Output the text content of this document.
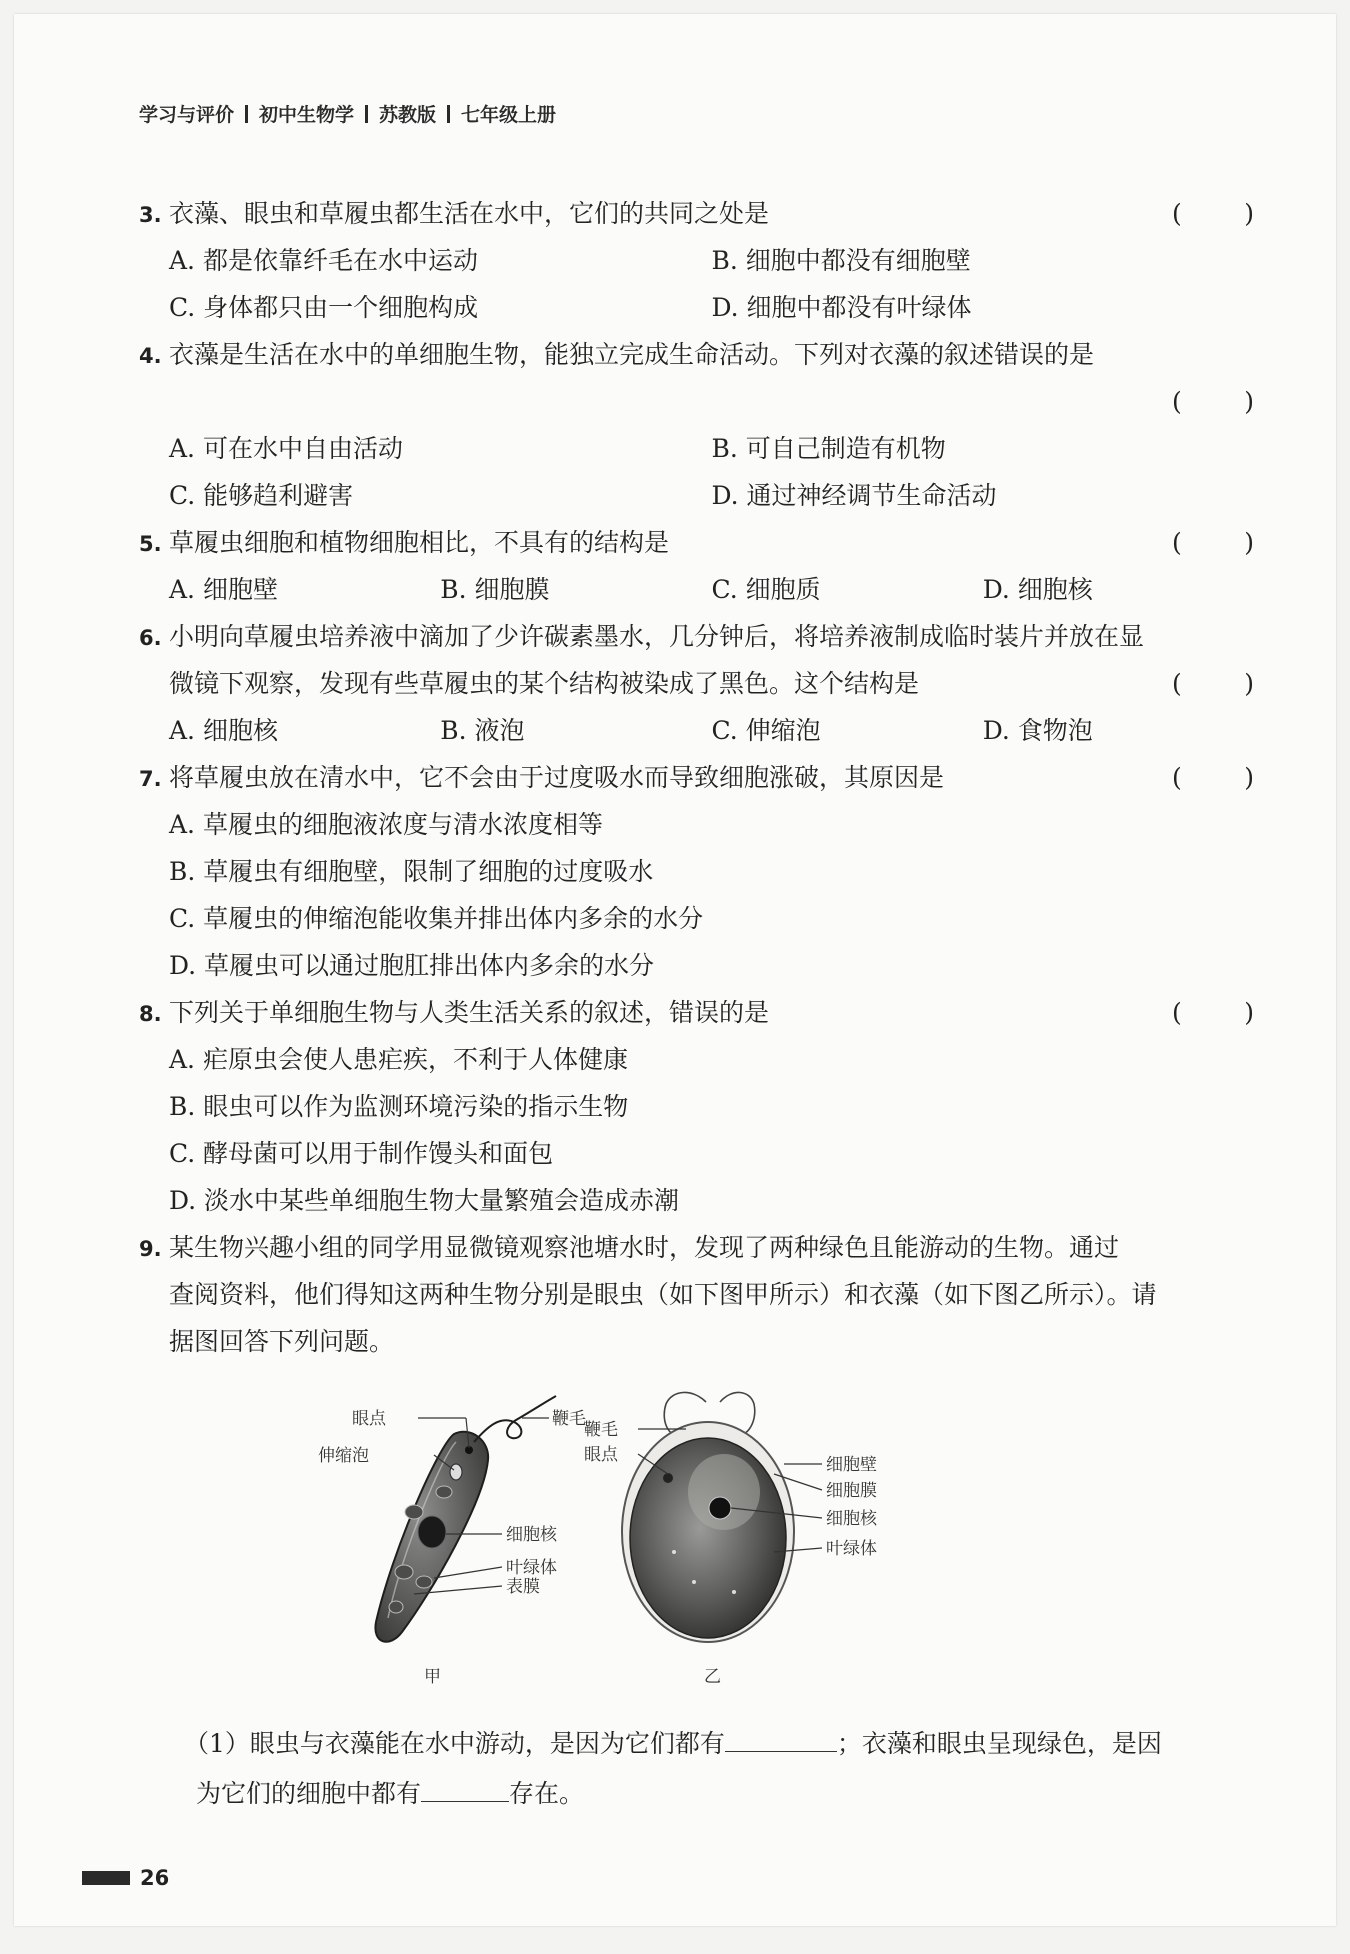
学习与评价 初中生物学 苏教版 七年级上册
3. 衣藻、眼虫和草履虫都生活在水中，它们的共同之处是	( )
A. 都是依靠纤毛在水中运动	B. 细胞中都没有细胞壁
C. 身体都只由一个细胞构成	D. 细胞中都没有叶绿体
4. 衣藻是生活在水中的单细胞生物，能独立完成生命活动。下列对衣藻的叙述错误的是
( )
A. 可在水中自由活动	B. 可自己制造有机物
C. 能够趋利避害	D. 通过神经调节生命活动
5. 草履虫细胞和植物细胞相比，不具有的结构是	( )
A. 细胞壁	B. 细胞膜	C. 细胞质	D. 细胞核
6. 小明向草履虫培养液中滴加了少许碳素墨水，几分钟后，将培养液制成临时装片并放在显
微镜下观察，发现有些草履虫的某个结构被染成了黑色。这个结构是	( )
A. 细胞核	B. 液泡	C. 伸缩泡	D. 食物泡
7. 将草履虫放在清水中，它不会由于过度吸水而导致细胞涨破，其原因是	( )
A. 草履虫的细胞液浓度与清水浓度相等
B. 草履虫有细胞壁，限制了细胞的过度吸水
C. 草履虫的伸缩泡能收集并排出体内多余的水分
D. 草履虫可以通过胞肛排出体内多余的水分
8. 下列关于单细胞生物与人类生活关系的叙述，错误的是	( )
A. 疟原虫会使人患疟疾，不利于人体健康
B. 眼虫可以作为监测环境污染的指示生物
C. 酵母菌可以用于制作馒头和面包
D. 淡水中某些单细胞生物大量繁殖会造成赤潮
9. 某生物兴趣小组的同学用显微镜观察池塘水时，发现了两种绿色且能游动的生物。通过
查阅资料，他们得知这两种生物分别是眼虫（如下图甲所示）和衣藻（如下图乙所示）。请
据图回答下列问题。
眼点	鞭毛
伸缩泡
细胞核
叶绿体
表膜
甲
鞭毛
眼点	细胞壁
细胞膜
细胞核
叶绿体
乙
（1）眼虫与衣藻能在水中游动，是因为它们都有	；衣藻和眼虫呈现绿色，是因
为它们的细胞中都有	存在。
26
